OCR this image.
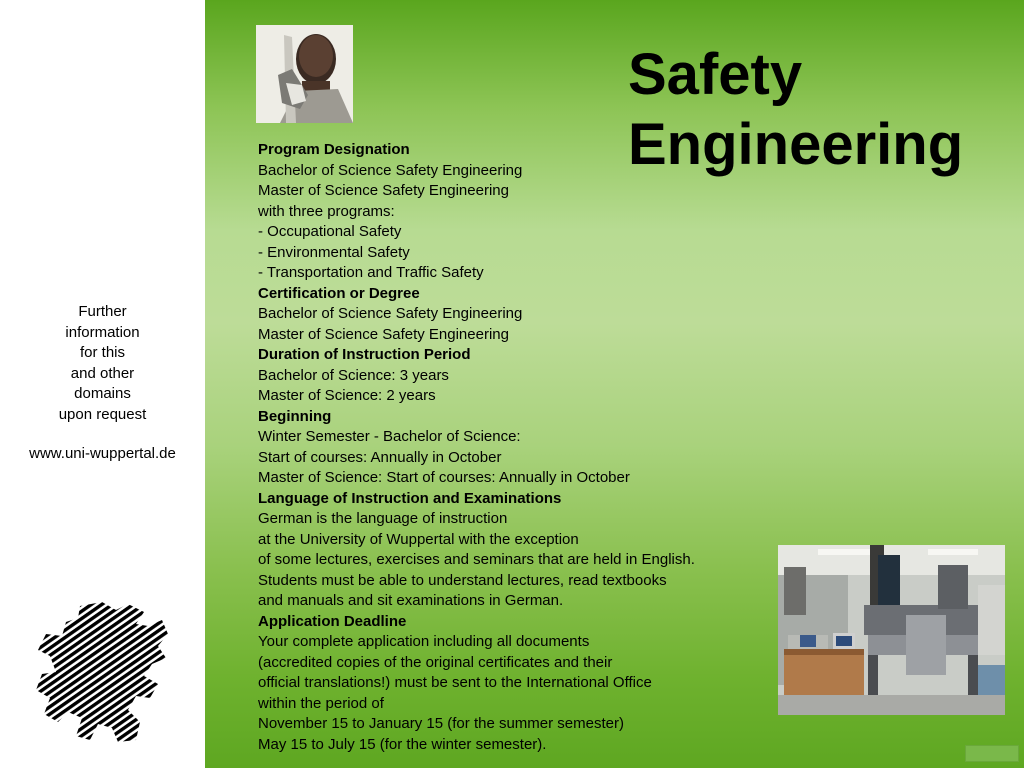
Further
information
for this
and other
domains
upon request
www.uni-wuppertal.de
Safety
Engineering
Program Designation
Bachelor of Science Safety Engineering
Master of Science Safety Engineering
with three programs:
- Occupational Safety
- Environmental Safety
- Transportation and Traffic Safety
Certification or Degree
Bachelor of Science Safety Engineering
Master of Science Safety Engineering
Duration of Instruction Period
Bachelor of Science: 3 years
Master of Science: 2 years
Beginning
Winter Semester - Bachelor of Science:
Start of courses: Annually in October
Master of Science: Start of courses: Annually in October
Language of Instruction and Examinations
German is the language of instruction
at the University of Wuppertal with the exception
of some lectures, exercises and seminars that are held in English.
Students must be able to understand lectures, read textbooks
and manuals and sit examinations in German.
Application Deadline
Your complete application including all documents
(accredited copies of the original certificates and their
official translations!) must be sent to the International Office
within the period of
November 15 to January 15 (for the summer semester)
May 15 to July 15 (for the winter semester).
